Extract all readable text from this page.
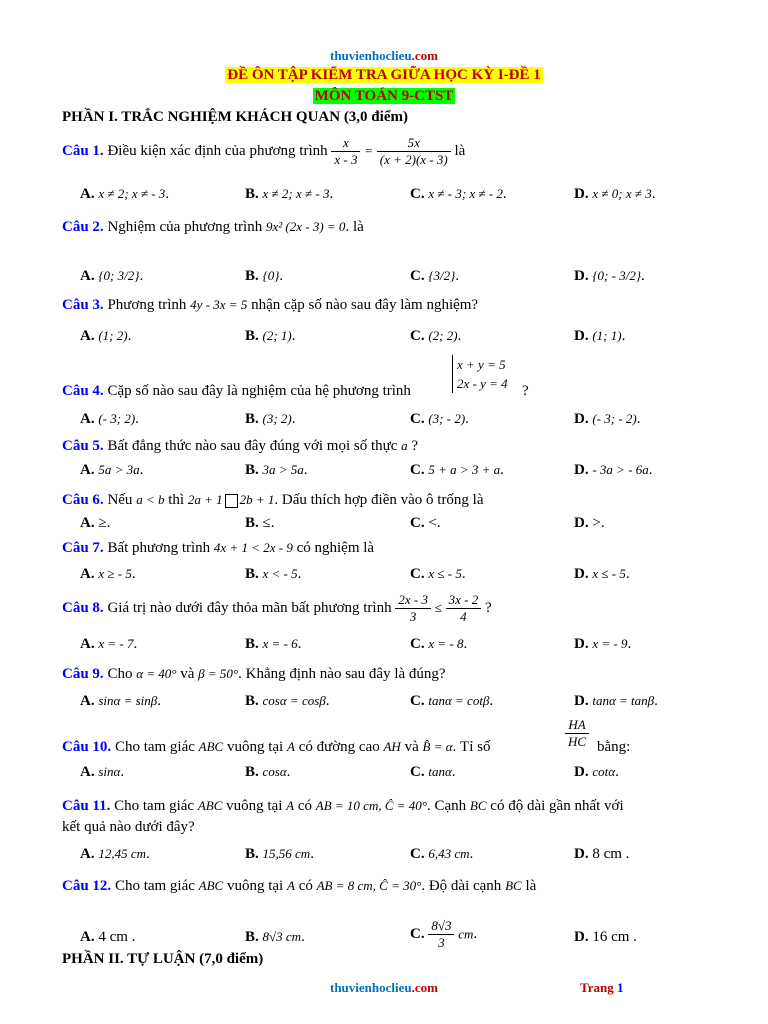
thuvienhoclieu.com
ĐỀ ÔN TẬP KIỂM TRA GIỮA HỌC KỲ I-ĐỀ 1
MÔN TOÁN 9-CTST
PHẦN I. TRẮC NGHIỆM KHÁCH QUAN (3,0 điểm)
Câu 1. Điều kiện xác định của phương trình $\frac{x}{x - 3} = \frac{5x}{(x + 2)(x - 3)}$ là
A. x ≠ 2; x ≠ - 3.	B. x ≠ 2; x ≠ - 3.	C. x ≠ - 3; x ≠ - 2.	D. x ≠ 0; x ≠ 3.
Câu 2. Nghiệm của phương trình 9x² (2x - 3) = 0. là
A. {0; 3/2}.	B. {0}.	C. {3/2}.	D. {0; - 3/2}.
Câu 3. Phương trình 4y - 3x = 5 nhận cặp số nào sau đây làm nghiệm?
A. (1; 2).	B. (2; 1).	C. (2; 2).	D. (1; 1).
x + y = 5
2x - y = 4
Câu 4. Cặp số nào sau đây là nghiệm của hệ phương trình	?
A. (- 3; 2).	B. (3; 2).	C. (3; - 2).	D. (- 3; - 2).
Câu 5. Bất đẳng thức nào sau đây đúng với mọi số thực a ?
A. 5a > 3a.	B. 3a > 5a.	C. 5 + a > 3 + a.	D. - 3a > - 6a.
Câu 6. Nếu a < b thì 2a + 1 2b + 1. Dấu thích hợp điền vào ô trống là
A. ≥.	B. ≤.	C. <.	D. >.
Câu 7. Bất phương trình 4x + 1 < 2x - 9 có nghiệm là
A. x ≥ - 5.	B. x < - 5.	C. x ≤ - 5.	D. x ≤ - 5.
Câu 8. Giá trị nào dưới đây thỏa mãn bất phương trình $\frac{2x - 3}{3} \le \frac{3x - 2}{4}$ ?
A. x = - 7.	B. x = - 6.	C. x = - 8.	D. x = - 9.
Câu 9. Cho α = 40° và β = 50°. Khẳng định nào sau đây là đúng?
A. sinα = sinβ.	B. cosα = cosβ.	C. tanα = cotβ.	D. tanα = tanβ.
Câu 10. Cho tam giác ABC vuông tại A có đường cao AH và B̂ = α. Tỉ số	$\frac{HA}{HC}$ bằng:
A. sinα.	B. cosα.	C. tanα.	D. cotα.
Câu 11. Cho tam giác ABC vuông tại A có AB = 10 cm, Ĉ = 40°. Cạnh BC có độ dài gần nhất với
kết quả nào dưới đây?
A. 12,45 cm.	B. 15,56 cm.	C. 6,43 cm.	D. 8 cm .
Câu 12. Cho tam giác ABC vuông tại A có AB = 8 cm, Ĉ = 30°. Độ dài cạnh BC là
A. 4 cm .	B. 8√3 cm.	C. $\frac{8√3}{3}$ cm.	D. 16 cm .
PHẦN II. TỰ LUẬN (7,0 điểm)
thuvienhoclieu.com	Trang 1
